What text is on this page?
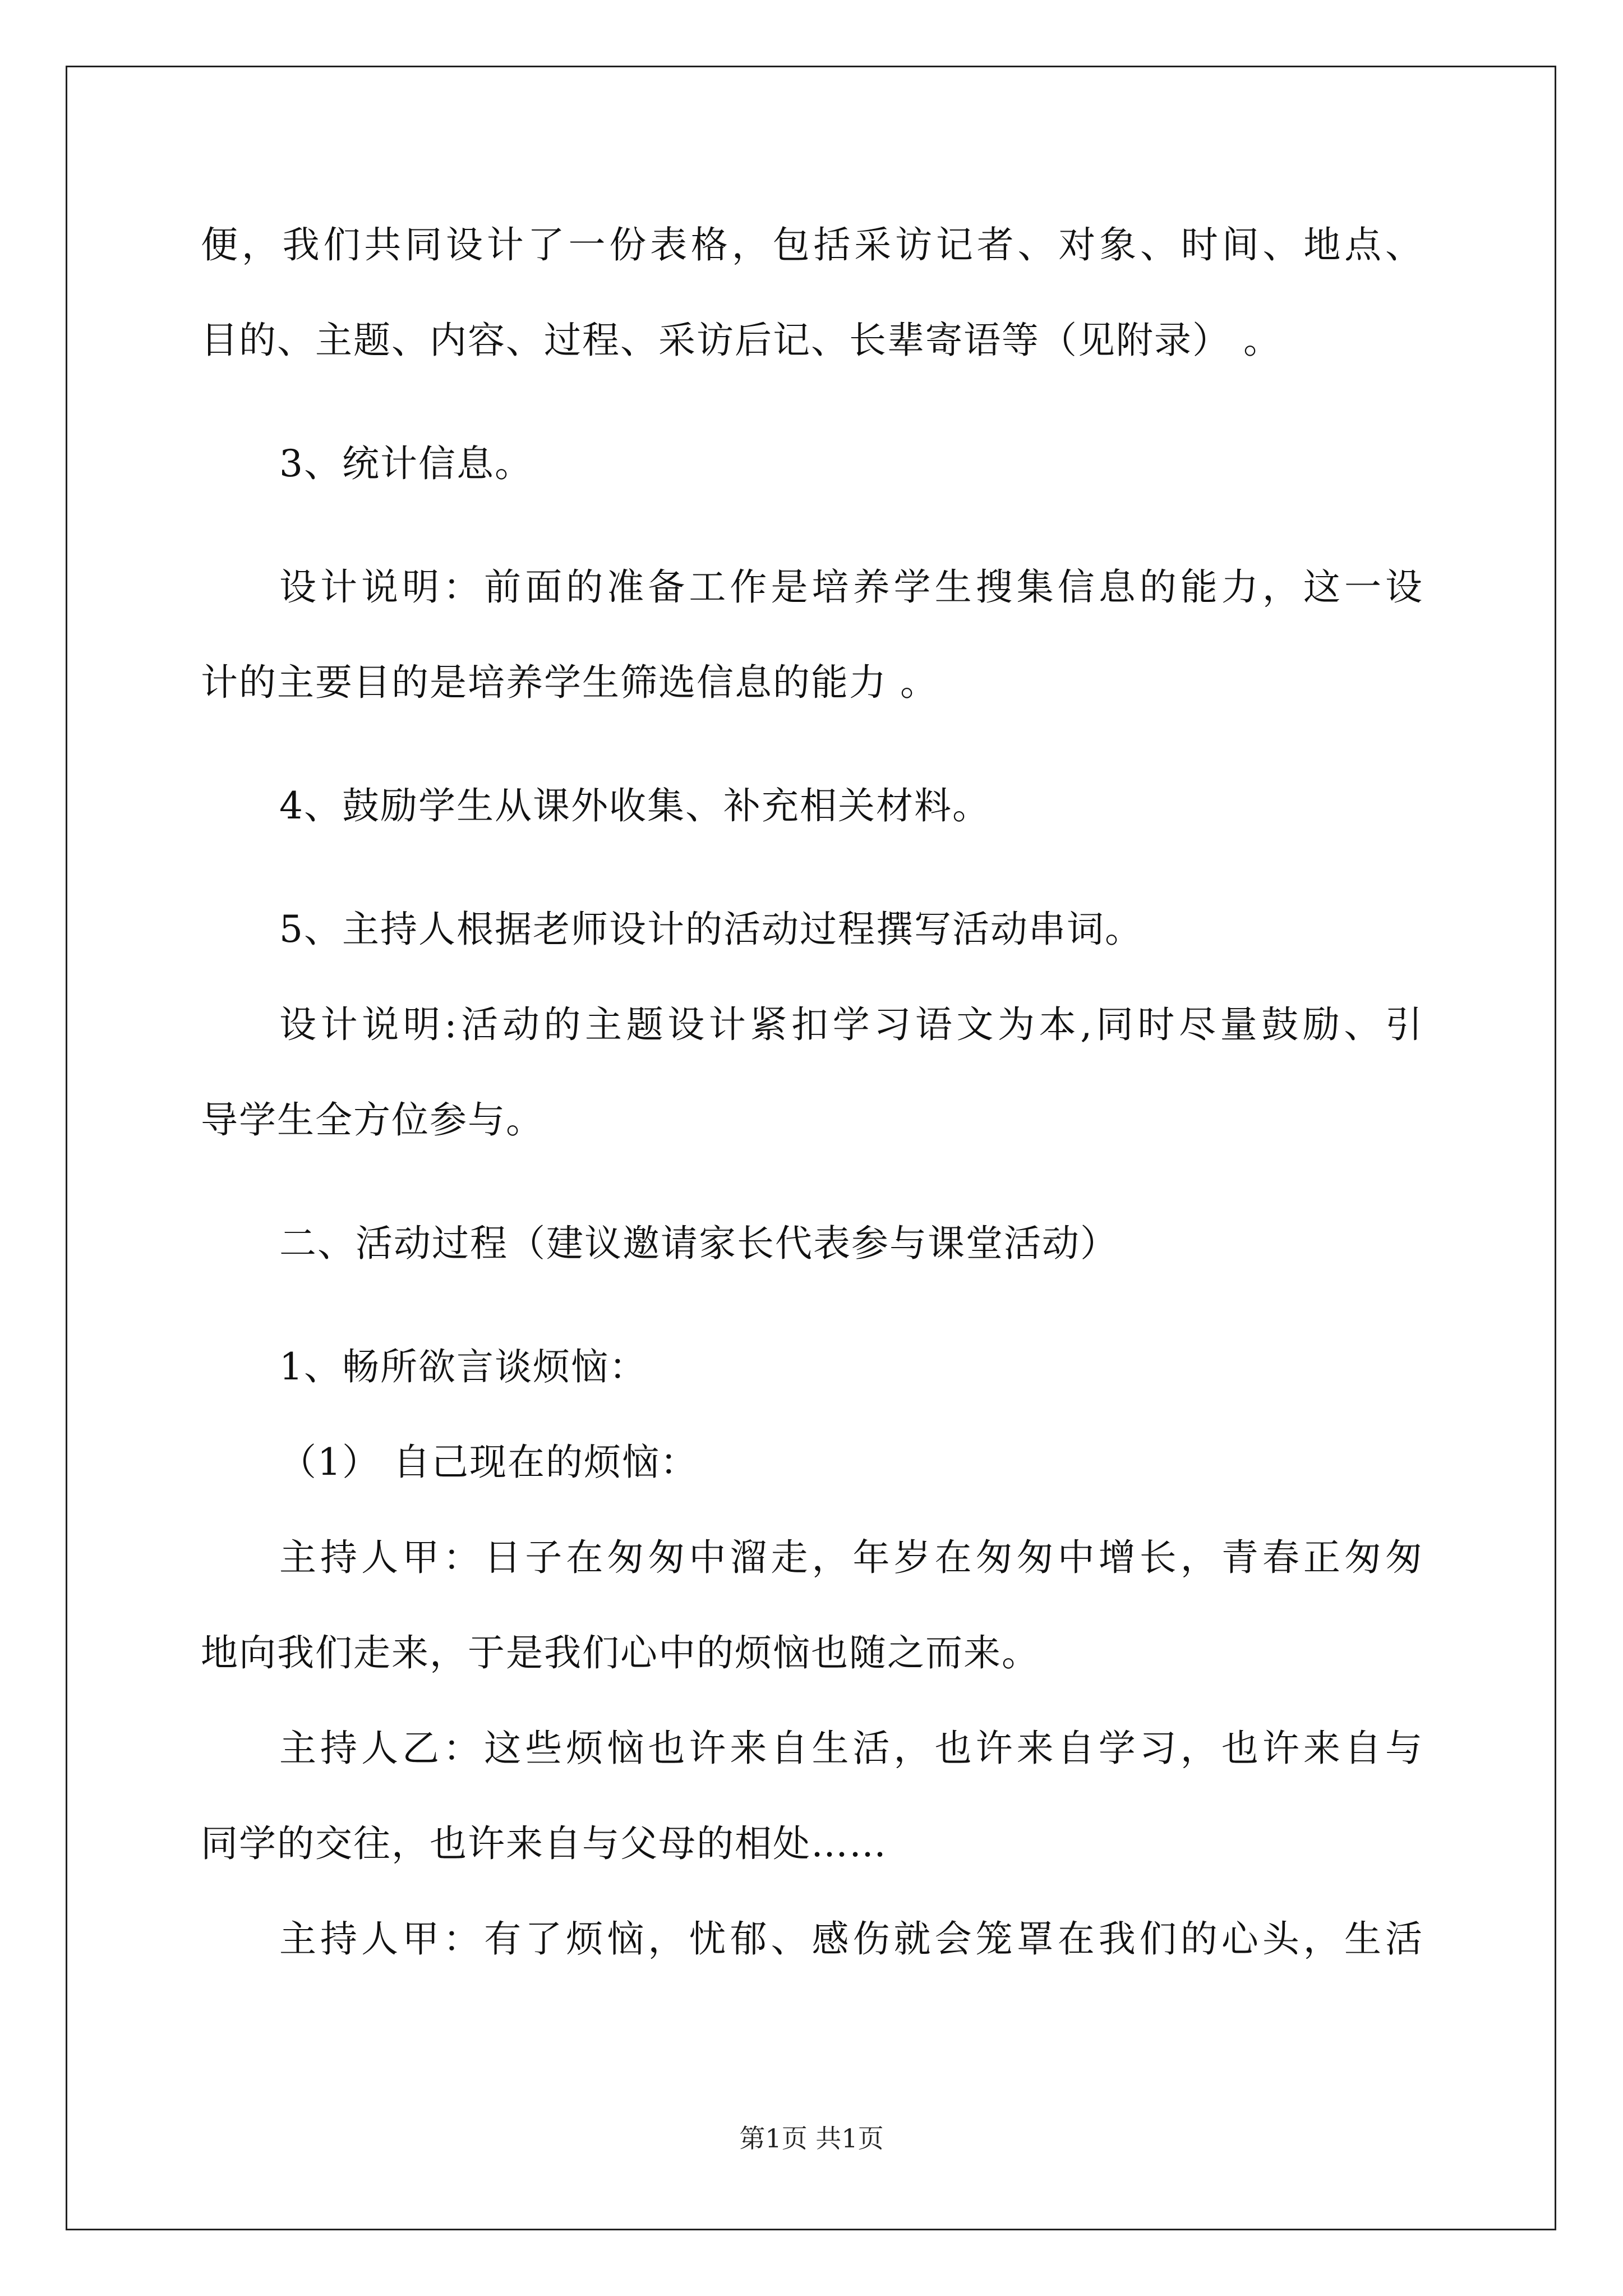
便，我们共同设计了一份表格，包括采访记者、对象、时间、地点、
目的、主题、内容、过程、采访后记、长辈寄语等（见附录） 。
3、统计信息。
设计说明：前面的准备工作是培养学生搜集信息的能力，这一设
计的主要目的是培养学生筛选信息的能力 。
4、鼓励学生从课外收集、补充相关材料。
5、主持人根据老师设计的活动过程撰写活动串词。
设计说明:活动的主题设计紧扣学习语文为本,同时尽量鼓励、引
导学生全方位参与。
二、活动过程（建议邀请家长代表参与课堂活动）
1、畅所欲言谈烦恼：
（1） 自己现在的烦恼：
主持人甲：日子在匆匆中溜走，年岁在匆匆中增长，青春正匆匆
地向我们走来，于是我们心中的烦恼也随之而来。
主持人乙：这些烦恼也许来自生活，也许来自学习，也许来自与
同学的交往，也许来自与父母的相处……
主持人甲：有了烦恼，忧郁、感伤就会笼罩在我们的心头，生活
第1页 共1页
